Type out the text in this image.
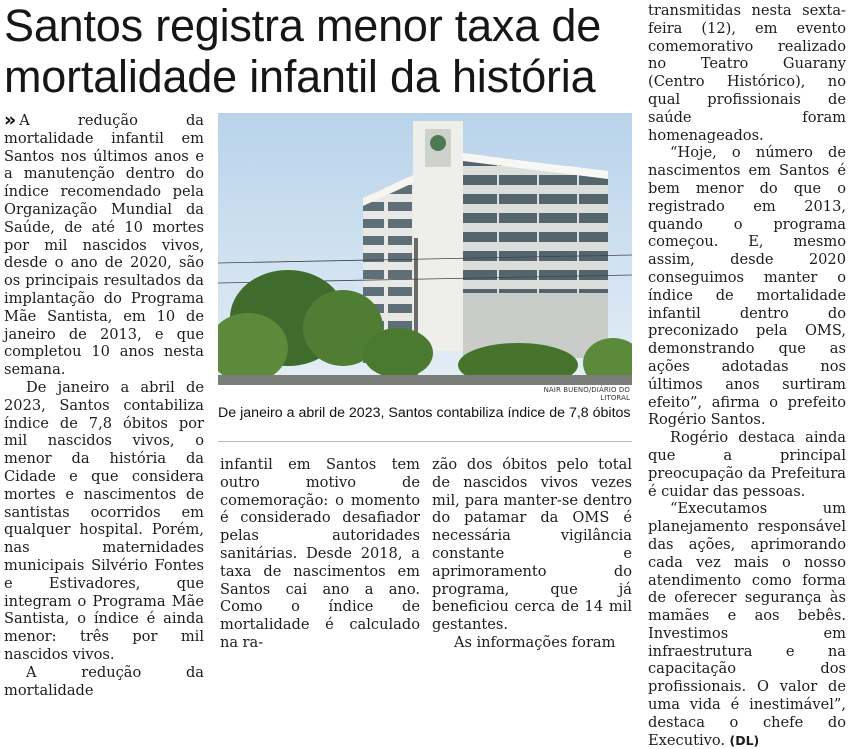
Santos registra menor taxa de mortalidade infantil da história

» A redução da mortalidade infantil em Santos nos últimos anos e a manutenção dentro do índice recomendado pela Organização Mundial da Saúde, de até 10 mortes por mil nascidos vivos, desde o ano de 2020, são os principais resultados da implantação do Programa Mãe Santista, em 10 de janeiro de 2013, e que completou 10 anos nesta semana.

De janeiro a abril de 2023, Santos contabiliza índice de 7,8 óbitos por mil nascidos vivos, o menor da história da Cidade e que considera mortes e nascimentos de santistas ocorridos em qualquer hospital. Porém, nas maternidades municipais Silvério Fontes e Estivadores, que integram o Programa Mãe Santista, o índice é ainda menor: três por mil nascidos vivos.

A redução da mortalidade

NAIR BUENO/DIÁRIO DO LITORAL
De janeiro a abril de 2023, Santos contabiliza índice de 7,8 óbitos

infantil em Santos tem outro motivo de comemoração: o momento é considerado desafiador pelas autoridades sanitárias. Desde 2018, a taxa de nascimentos em Santos cai ano a ano. Como o índice de mortalidade é calculado na ra-

zão dos óbitos pelo total de nascidos vivos vezes mil, para manter-se dentro do patamar da OMS é necessária vigilância constante e aprimoramento do programa, que já beneficiou cerca de 14 mil gestantes.

As informações foram

transmitidas nesta sexta-feira (12), em evento comemorativo realizado no Teatro Guarany (Centro Histórico), no qual profissionais de saúde foram homenageados.

“Hoje, o número de nascimentos em Santos é bem menor do que o registrado em 2013, quando o programa começou. E, mesmo assim, desde 2020 conseguimos manter o índice de mortalidade infantil dentro do preconizado pela OMS, demonstrando que as ações adotadas nos últimos anos surtiram efeito”, afirma o prefeito Rogério Santos.

Rogério destaca ainda que a principal preocupação da Prefeitura é cuidar das pessoas.

“Executamos um planejamento responsável das ações, aprimorando cada vez mais o nosso atendimento como forma de oferecer segurança às mamães e aos bebês. Investimos em infraestrutura e na capacitação dos profissionais. O valor de uma vida é inestimável”, destaca o chefe do Executivo. (DL)
